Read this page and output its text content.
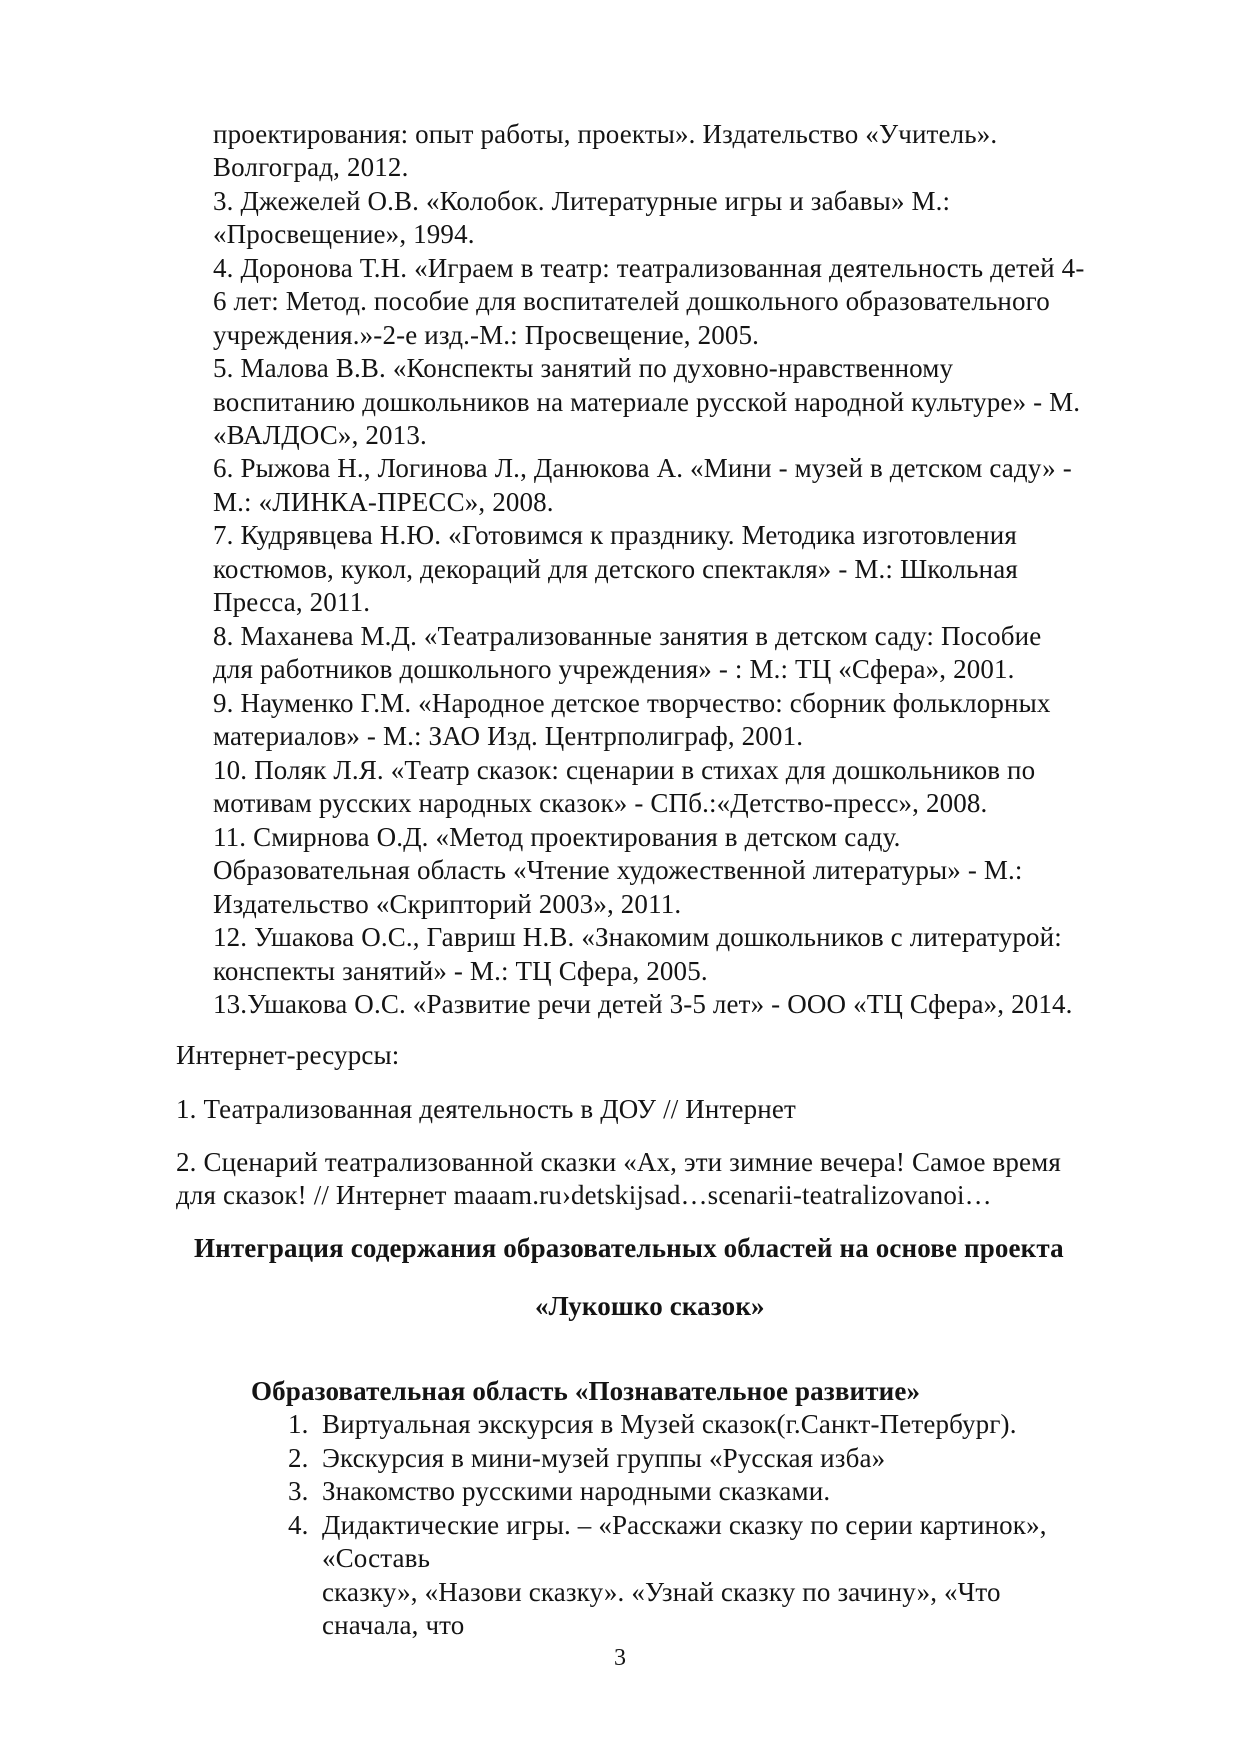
проектирования: опыт работы, проекты». Издательство «Учитель».
Волгоград, 2012.
3. Джежелей О.В. «Колобок. Литературные игры и забавы» М.:
«Просвещение», 1994.
4. Доронова Т.Н. «Играем в театр: театрализованная деятельность детей 4-
6 лет: Метод. пособие для воспитателей дошкольного образовательного
учреждения.»-2-е изд.-М.: Просвещение, 2005.
5. Малова В.В. «Конспекты занятий по духовно-нравственному
воспитанию дошкольников на материале русской народной культуре» - М.
«ВАЛДОС», 2013.
6. Рыжова Н., Логинова Л., Данюкова А. «Мини - музей в детском саду» -
М.: «ЛИНКА-ПРЕСС», 2008.
7. Кудрявцева Н.Ю. «Готовимся к празднику. Методика изготовления
костюмов, кукол, декораций для детского спектакля» - М.: Школьная
Пресса, 2011.
8. Маханева М.Д. «Театрализованные занятия в детском саду: Пособие
для работников дошкольного учреждения» - : М.: ТЦ «Сфера», 2001.
9. Науменко Г.М. «Народное детское творчество: сборник фольклорных
материалов» - М.: ЗАО Изд. Центрполиграф, 2001.
10. Поляк Л.Я. «Театр сказок: сценарии в стихах для дошкольников по
мотивам русских народных сказок» - СПб.:«Детство-пресс», 2008.
11. Смирнова О.Д. «Метод проектирования в детском саду.
Образовательная область «Чтение художественной литературы» - М.:
Издательство «Скрипторий 2003», 2011.
12. Ушакова О.С., Гавриш Н.В. «Знакомим дошкольников с литературой:
конспекты занятий» - М.: ТЦ Сфера, 2005.
13.Ушакова О.С. «Развитие речи детей 3-5 лет» - ООО «ТЦ Сфера», 2014.
Интернет-ресурсы:
1. Театрализованная деятельность в ДОУ // Интернет
2. Сценарий театрализованной сказки «Ах, эти зимние вечера! Самое время
для сказок! // Интернет maaam.ru›detskijsad…scenarii-teatralizovanoi…
Интеграция содержания образовательных областей на основе проекта
«Лукошко сказок»
Образовательная область «Познавательное развитие»
1. Виртуальная экскурсия в Музей сказок(г.Санкт-Петербург).
2. Экскурсия в мини-музей группы «Русская изба»
3. Знакомство русскими народными сказками.
4. Дидактические игры. – «Расскажи сказку по серии картинок»,
«Составь
сказку», «Назови сказку». «Узнай сказку по зачину», «Что
сначала, что
3
